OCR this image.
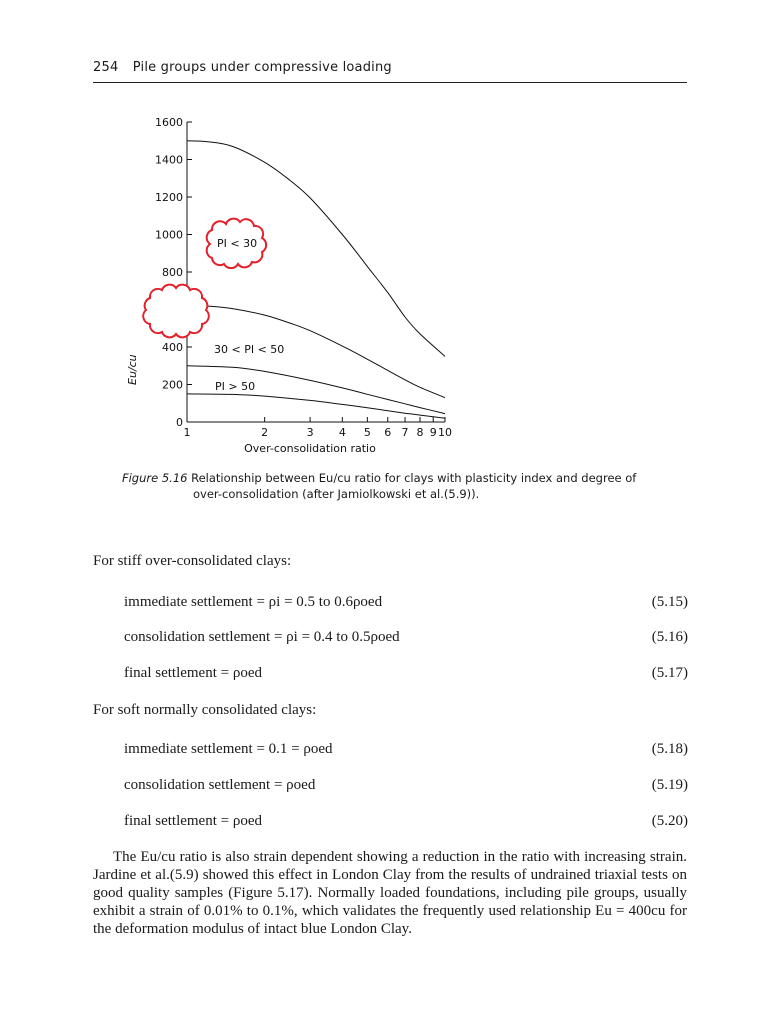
254 Pile groups under compressive loading
0
200
400
800
1000
1200
1400
1600
1	2	3 4 5 6 7 8 9 10
Eu/cu
Over-consolidation ratio
PI < 30
30 < PI < 50
PI > 50
Figure 5.16 Relationship between Eu/cu ratio for clays with plasticity index and degree of
over-consolidation (after Jamiolkowski et al.(5.9)).
For stiff over-consolidated clays:
immediate settlement = ρi = 0.5 to 0.6ρoed	(5.15)
consolidation settlement = ρi = 0.4 to 0.5ρoed	(5.16)
final settlement = ρoed	(5.17)
For soft normally consolidated clays:
immediate settlement = 0.1 = ρoed	(5.18)
consolidation settlement = ρoed	(5.19)
final settlement = ρoed	(5.20)
The Eu/cu ratio is also strain dependent showing a reduction in the ratio with increasing strain. Jardine et al.(5.9) showed this effect in London Clay from the results of undrained triaxial tests on good quality samples (Figure 5.17). Normally loaded foundations, including pile groups, usually exhibit a strain of 0.01% to 0.1%, which validates the frequently used relationship Eu = 400cu for the deformation modulus of intact blue London Clay.
